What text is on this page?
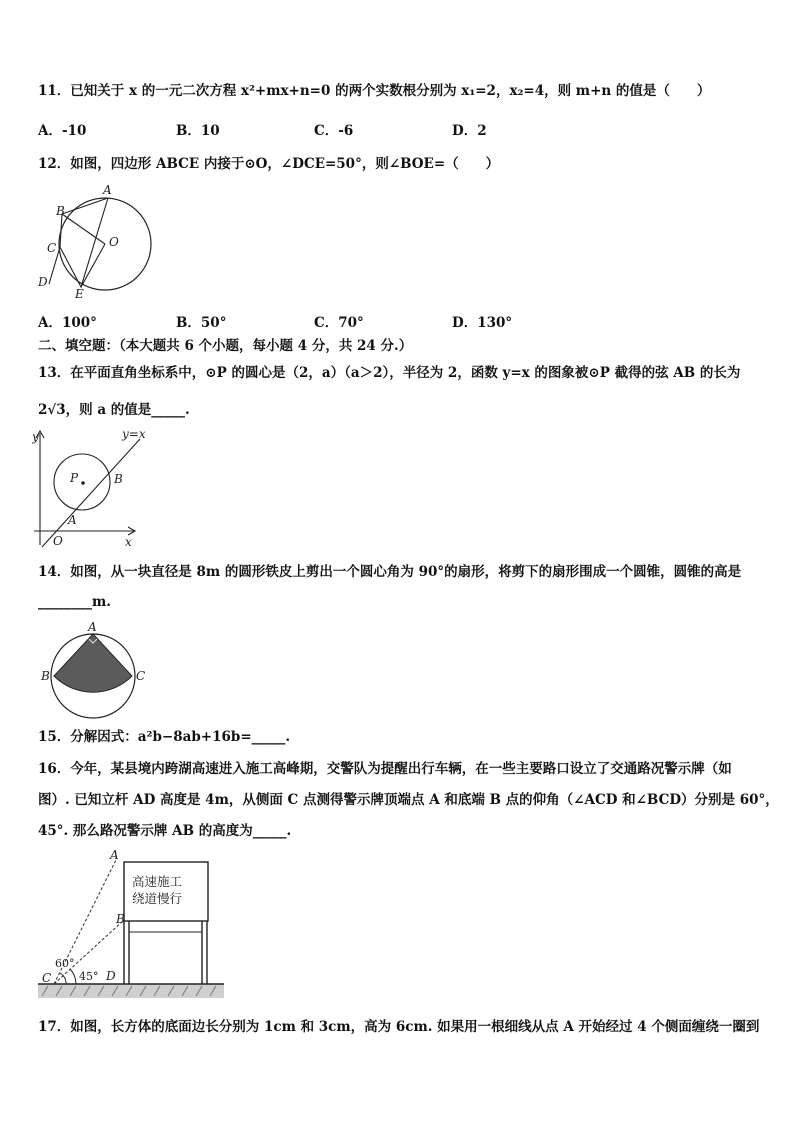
11．已知关于 x 的一元二次方程 x²+mx+n=0 的两个实数根分别为 x₁=2，x₂=4，则 m+n 的值是（　　）
A．-10	B．10	C．-6	D．2
12．如图，四边形 ABCE 内接于⊙O，∠DCE=50°，则∠BOE=（　　）
A
B
C
D
E
O
A．100°	B．50°	C．70°	D．130°
二、填空题：（本大题共 6 个小题，每小题 4 分，共 24 分.）
13．在平面直角坐标系中，⊙P 的圆心是（2，a）（a＞2），半径为 2，函数 y=x 的图象被⊙P 截得的弦 AB 的长为
2√3，则 a 的值是_____.
y	y=x
P	B
A
O	x
14．如图，从一块直径是 8m 的圆形铁皮上剪出一个圆心角为 90°的扇形，将剪下的扇形围成一个圆锥，圆锥的高是
________m.
A
B	C
15．分解因式：a²b−8ab+16b=_____.
16．今年，某县境内跨湖高速进入施工高峰期，交警队为提醒出行车辆，在一些主要路口设立了交通路况警示牌（如
图）. 已知立杆 AD 高度是 4m，从侧面 C 点测得警示牌顶端点 A 和底端 B 点的仰角（∠ACD 和∠BCD）分别是 60°，
45°. 那么路况警示牌 AB 的高度为_____.
高速施工
绕道慢行
A
B
C	D
60°
45°
17．如图，长方体的底面边长分别为 1cm 和 3cm，高为 6cm. 如果用一根细线从点 A 开始经过 4 个侧面缠绕一圈到
